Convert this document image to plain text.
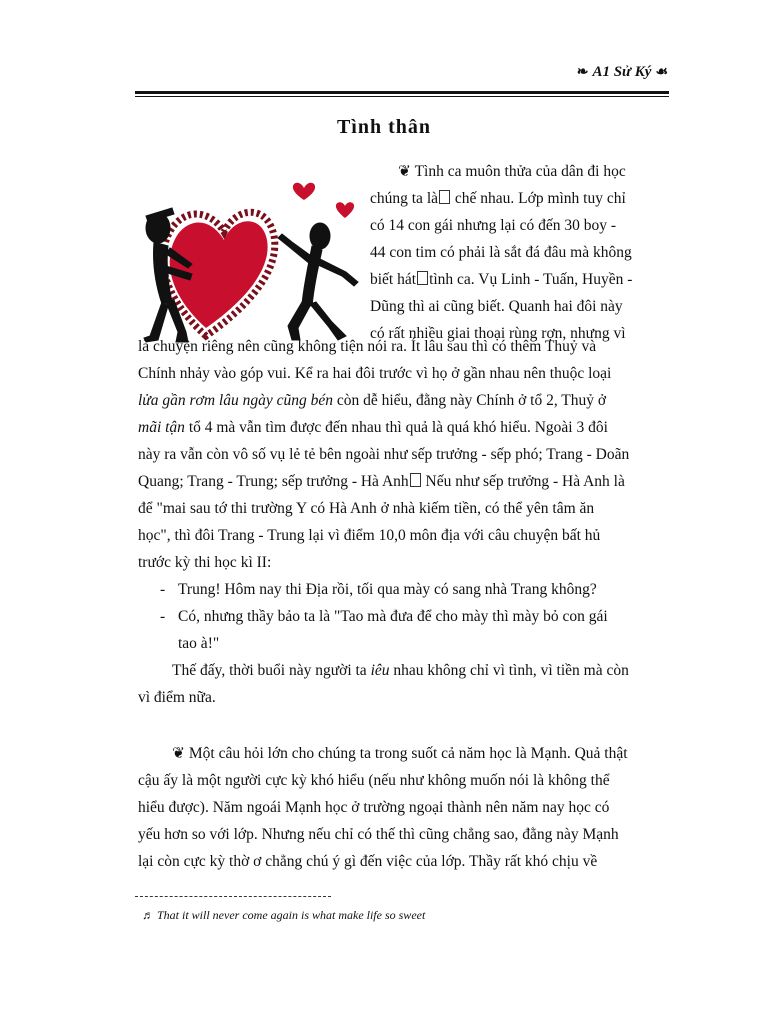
❧ A1 Sử Ký ☙
Tình thân

❦ Tình ca muôn thửa của dân đi học

chúng ta là chế nhau. Lớp mình tuy chỉ

có 14 con gái nhưng lại có đến 30 boy -

44 con tim có phải là sắt đá đâu mà không

biết hát tình ca. Vụ Linh - Tuấn, Huyền -

Dũng thì ai cũng biết. Quanh hai đôi này

có rất nhiều giai thoại rùng rợn, nhưng vì

là chuyện riêng nên cũng không tiện nói ra. Ít lâu sau thì có thêm Thuỷ và

Chính nhảy vào góp vui. Kể ra hai đôi trước vì họ ở gần nhau nên thuộc loại

lửa gần rơm lâu ngày cũng bén còn dễ hiểu, đằng này Chính ở tổ 2, Thuỷ ở

mãi tận tổ 4 mà vẫn tìm được đến nhau thì quả là quá khó hiểu. Ngoài 3 đôi

này ra vẫn còn vô số vụ lẻ tẻ bên ngoài như sếp trưởng - sếp phó; Trang - Doãn

Quang; Trang - Trung; sếp trưởng - Hà Anh Nếu như sếp trưởng - Hà Anh là

để "mai sau tớ thi trường Y có Hà Anh ở nhà kiếm tiền, có thể yên tâm ăn

học", thì đôi Trang - Trung lại vì điểm 10,0 môn địa với câu chuyện bất hủ

trước kỳ thi học kì II:

- Trung! Hôm nay thi Địa rồi, tối qua mày có sang nhà Trang không?

- Có, nhưng thầy bảo ta là "Tao mà đưa để cho mày thì mày bỏ con gái

tao à!"

Thế đấy, thời buổi này người ta iêu nhau không chỉ vì tình, vì tiền mà còn

vì điểm nữa.

❦ Một câu hỏi lớn cho chúng ta trong suốt cả năm học là Mạnh. Quả thật

cậu ấy là một người cực kỳ khó hiểu (nếu như không muốn nói là không thể

hiểu được). Năm ngoái Mạnh học ở trường ngoại thành nên năm nay học có

yếu hơn so với lớp. Nhưng nếu chỉ có thế thì cũng chẳng sao, đằng này Mạnh

lại còn cực kỳ thờ ơ chẳng chú ý gì đến việc của lớp. Thầy rất khó chịu về

♬ That it will never come again is what make life so sweet
